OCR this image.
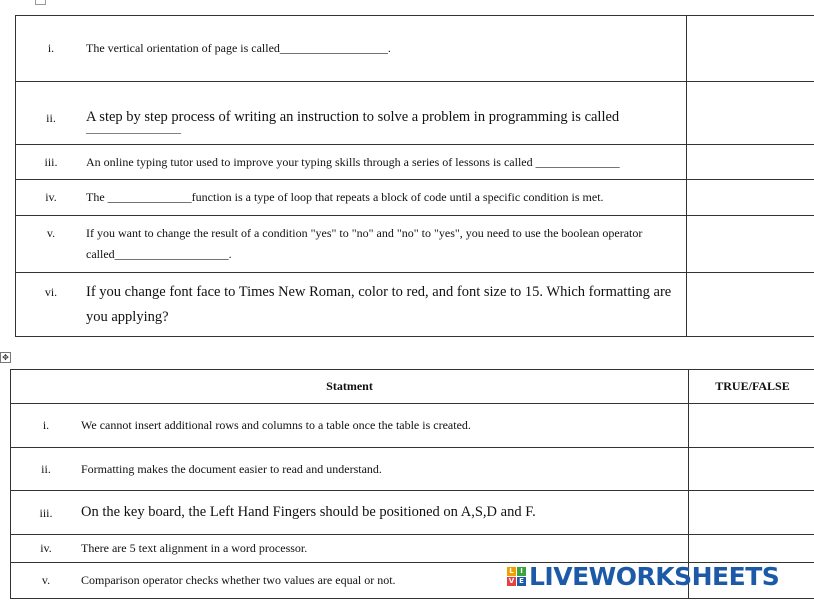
i. The vertical orientation of page is called__________________.	

ii. A step by step process of writing an instruction to solve a problem in programming is called

___________________	

iii. An online typing tutor used to improve your typing skills through a series of lessons is called ______________	

iv. The ______________function is a type of loop that repeats a block of code until a specific condition is met.	

v. If you want to change the result of a condition "yes" to "no" and "no" to "yes", you need to use the boolean operator
called___________________.	

vi. If you change font face to Times New Roman, color to red, and font size to 15. Which formatting are
you applying?	

✥
Statment	TRUE/FALSE

i. We cannot insert additional rows and columns to a table once the table is created.	

ii. Formatting makes the document easier to read and understand.	

iii. On the key board, the Left Hand Fingers should be positioned on A,S,D and F.	

iv. There are 5 text alignment in a word processor.	

v. Comparison operator checks whether two values are equal or not.	

L I
V E LIVEWORKSHEETS
